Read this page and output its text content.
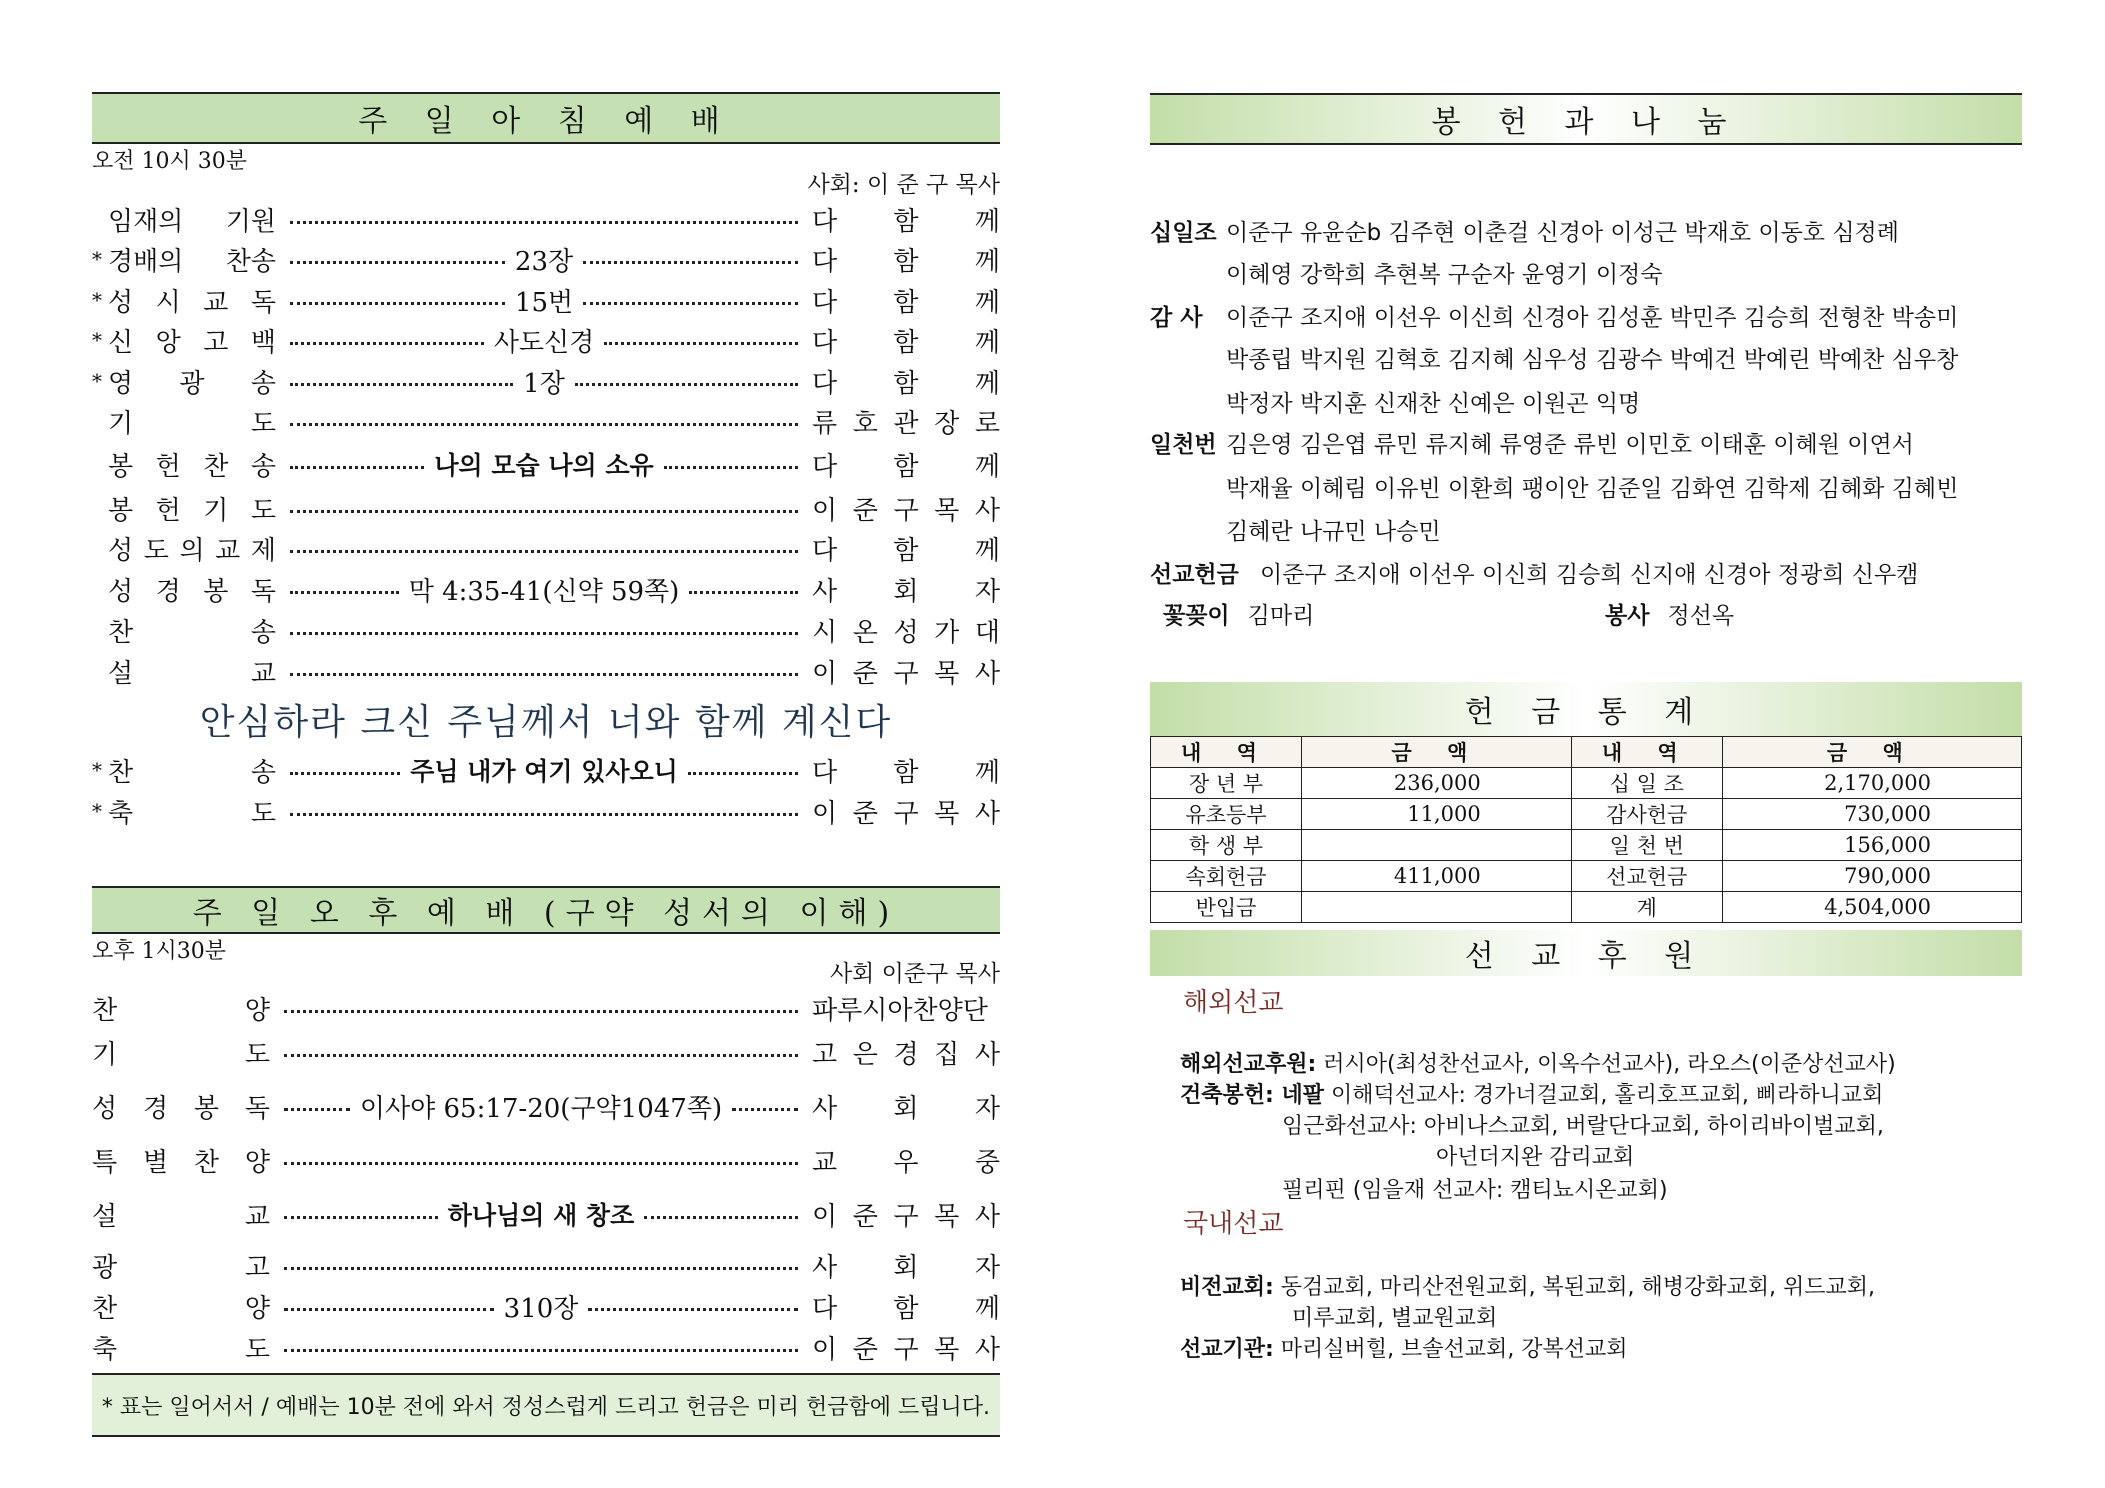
주 일 아 침 예 배
오전 10시 30분
사회: 이 준 구 목사
임재의 기원	다 함 께
* 경배의 찬송	23장	다 함 께
* 성 시 교 독	15번	다 함 께
* 신 앙 고 백	사도신경	다 함 께
* 영 광 송	1장	다 함 께
기 도	류 호 관 장 로
봉 헌 찬 송	나의 모습 나의 소유	다 함 께
봉 헌 기 도	이 준 구 목 사
성 도 의 교 제	다 함 께
성 경 봉 독	막 4:35-41(신약 59쪽)	사 회 자
찬 송	시 온 성 가 대
설 교	이 준 구 목 사
안심하라 크신 주님께서 너와 함께 계신다
* 찬 송	주님 내가 여기 있사오니	다 함 께
* 축 도	이 준 구 목 사
주 일 오 후 예 배 (구약 성서의 이해)
오후 1시30분
사회 이준구 목사
찬 양	파루시아찬양단
기 도	고 은 경 집 사
성 경 봉 독	이사야 65:17-20(구약1047쪽)	사 회 자
특 별 찬 양	교 우 중
설 교	하나님의 새 창조	이 준 구 목 사
광 고	사 회 자
찬 양	310장	다 함 께
축 도	이 준 구 목 사
* 표는 일어서서 / 예배는 10분 전에 와서 정성스럽게 드리고 헌금은 미리 헌금함에 드립니다.
봉 헌 과 나 눔
십일조 이준구 유윤순b 김주현 이춘걸 신경아 이성근 박재호 이동호 심정례
이혜영 강학희 추현복 구순자 윤영기 이정숙
감 사 이준구 조지애 이선우 이신희 신경아 김성훈 박민주 김승희 전형찬 박송미
박종립 박지원 김혁호 김지혜 심우성 김광수 박예건 박예린 박예찬 심우창
박정자 박지훈 신재찬 신예은 이원곤 익명
일천번 김은영 김은엽 류민 류지혜 류영준 류빈 이민호 이태훈 이혜원 이연서
박재율 이혜림 이유빈 이환희 팽이안 김준일 김화연 김학제 김혜화 김혜빈
김혜란 나규민 나승민
선교헌금 이준구 조지애 이선우 이신희 김승희 신지애 신경아 정광희 신우캠
꽃꽂이 김마리	봉사 정선옥
헌 금 통 계
내 역	금 액	내 역	금 액
장 년 부	236,000	십 일 조	2,170,000
유초등부	11,000	감사헌금	730,000
학 생 부		일 천 번	156,000
속회헌금	411,000	선교헌금	790,000
반입금		계	4,504,000
선 교 후 원
해외선교
해외선교후원: 러시아(최성찬선교사, 이옥수선교사), 라오스(이준상선교사)
건축봉헌: 네팔 이해덕선교사: 경가너걸교회, 홀리호프교회, 삐라하니교회
임근화선교사: 아비나스교회, 버랄단다교회, 하이리바이벌교회,
아넌더지완 감리교회
필리핀 (임을재 선교사: 캠티뇨시온교회)
국내선교
비전교회: 동검교회, 마리산전원교회, 복된교회, 해병강화교회, 위드교회,
미루교회, 별교원교회
선교기관: 마리실버힐, 브솔선교회, 강복선교회
